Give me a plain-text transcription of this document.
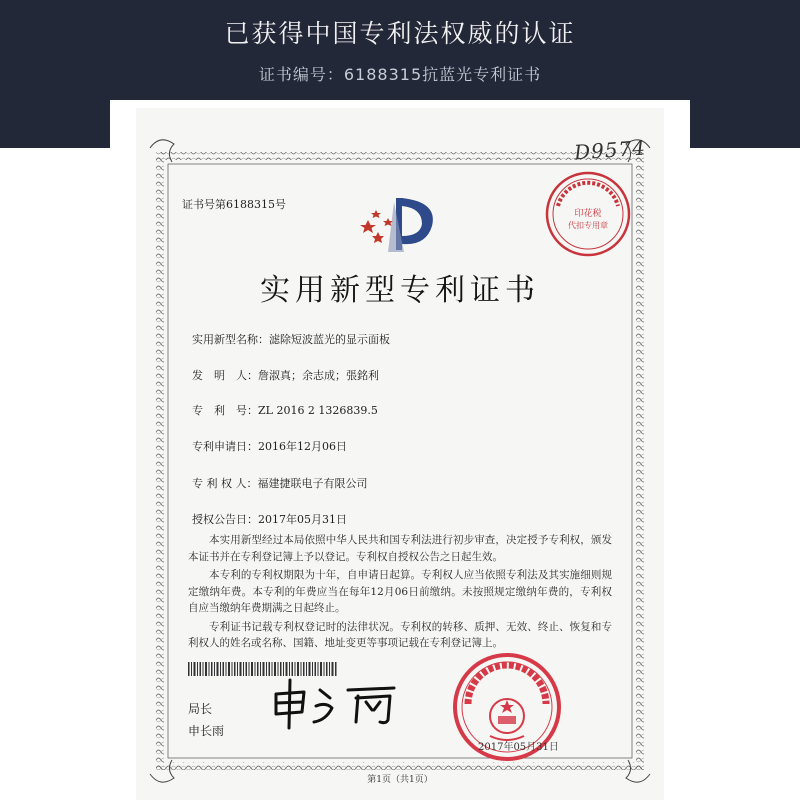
已获得中国专利法权威的认证
证书编号：6188315抗蓝光专利证书
D9574
证书号第6188315号
印花税
代扣专用章
实用新型专利证书
实用新型名称：滤除短波蓝光的显示面板
发　明　人：詹淑真；余志成；張銘利
专　利　号：ZL 2016 2 1326839.5
专利申请日：2016年12月06日
专 利 权 人：福建捷联电子有限公司
授权公告日：2017年05月31日

本实用新型经过本局依照中华人民共和国专利法进行初步审查，决定授予专利权，颁发本证书并在专利登记簿上予以登记。专利权自授权公告之日起生效。

本专利的专利权期限为十年，自申请日起算。专利权人应当依照专利法及其实施细则规定缴纳年费。本专利的年费应当在每年12月06日前缴纳。未按照规定缴纳年费的，专利权自应当缴纳年费期满之日起终止。

专利证书记载专利权登记时的法律状况。专利权的转移、质押、无效、终止、恢复和专利权人的姓名或名称、国籍、地址变更等事项记载在专利登记簿上。

局长
申长雨
2017年05月31日
第1页（共1页）
